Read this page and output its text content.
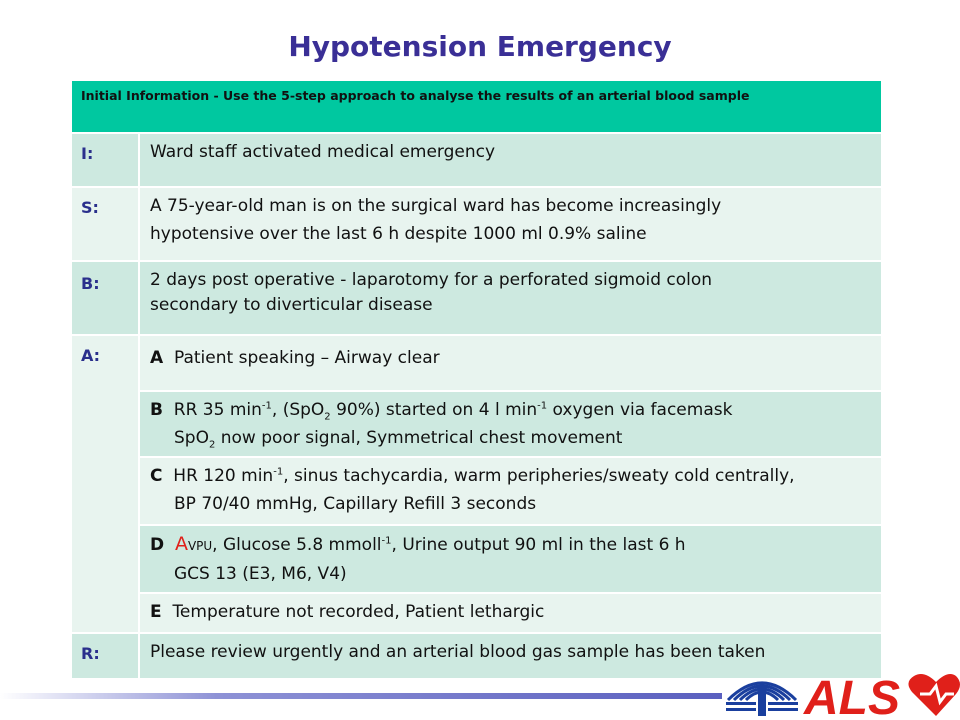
Hypotension Emergency
Initial Information - Use the 5-step approach to analyse the results of an arterial blood sample	
I:	Ward staff activated medical emergency
S:	A 75-year-old man is on the surgical ward has become increasingly
hypotensive over the last 6 h despite 1000 ml 0.9% saline
B:	2 days post operative - laparotomy for a perforated sigmoid colon
secondary to diverticular disease
A:	A Patient speaking – Airway clear
	B RR 35 $\min^{-1}$, (SpO$_2$ 90%) started on 4 l $\min^{-1}$ oxygen via facemask
SpO$_2$ now poor signal, Symmetrical chest movement
	C HR 120 $\min^{-1}$, sinus tachycardia, warm peripheries/sweaty cold centrally,
BP 70/40 mmHg, Capillary Refill 3 seconds
	D AVPU, Glucose 5.8 mmoll$^{-1}$, Urine output 90 ml in the last 6 h
GCS 13 (E3, M6, V4)
	E Temperature not recorded, Patient lethargic
R:	Please review urgently and an arterial blood gas sample has been taken
ALS
